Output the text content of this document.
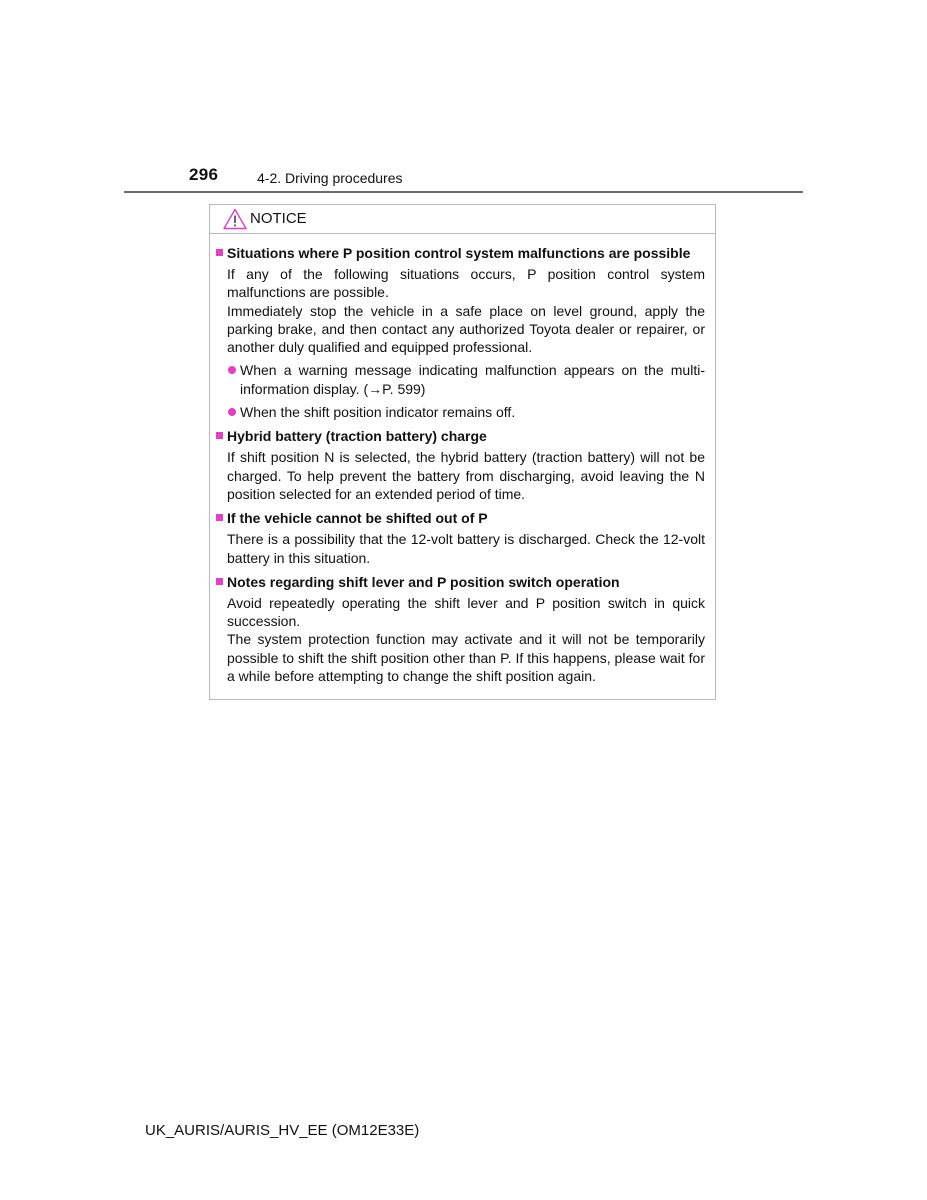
296	4-2. Driving procedures
NOTICE
Situations where P position control system malfunctions are possible
If any of the following situations occurs, P position control system malfunctions are possible.
Immediately stop the vehicle in a safe place on level ground, apply the parking brake, and then contact any authorized Toyota dealer or repairer, or another duly qualified and equipped professional.
When a warning message indicating malfunction appears on the multi-information display. (→P. 599)
When the shift position indicator remains off.
Hybrid battery (traction battery) charge
If shift position N is selected, the hybrid battery (traction battery) will not be charged. To help prevent the battery from discharging, avoid leaving the N position selected for an extended period of time.
If the vehicle cannot be shifted out of P
There is a possibility that the 12-volt battery is discharged. Check the 12-volt battery in this situation.
Notes regarding shift lever and P position switch operation
Avoid repeatedly operating the shift lever and P position switch in quick succession.
The system protection function may activate and it will not be temporarily possible to shift the shift position other than P. If this happens, please wait for a while before attempting to change the shift position again.
UK_AURIS/AURIS_HV_EE (OM12E33E)
